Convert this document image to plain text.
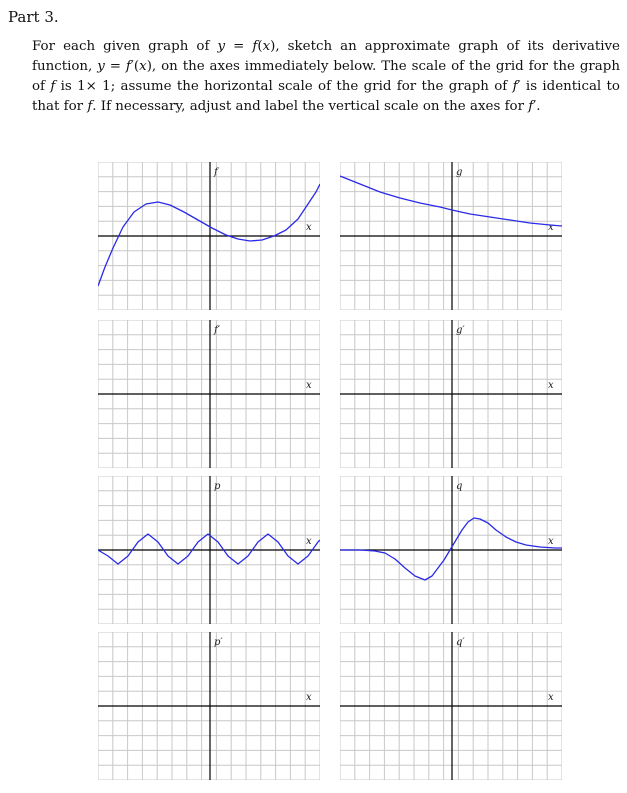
Part 3.
For each given graph of y = f(x), sketch an approximate graph of its derivative function, y = f′(x), on the axes immediately below. The scale of the grid for the graph of f is 1× 1; assume the horizontal scale of the grid for the graph of f′ is identical to that for f. If necessary, adjust and label the vertical scale on the axes for f′.
f
x
g
x
f′
x
g′
x
p
x
q
x
p′
x
q′
x
